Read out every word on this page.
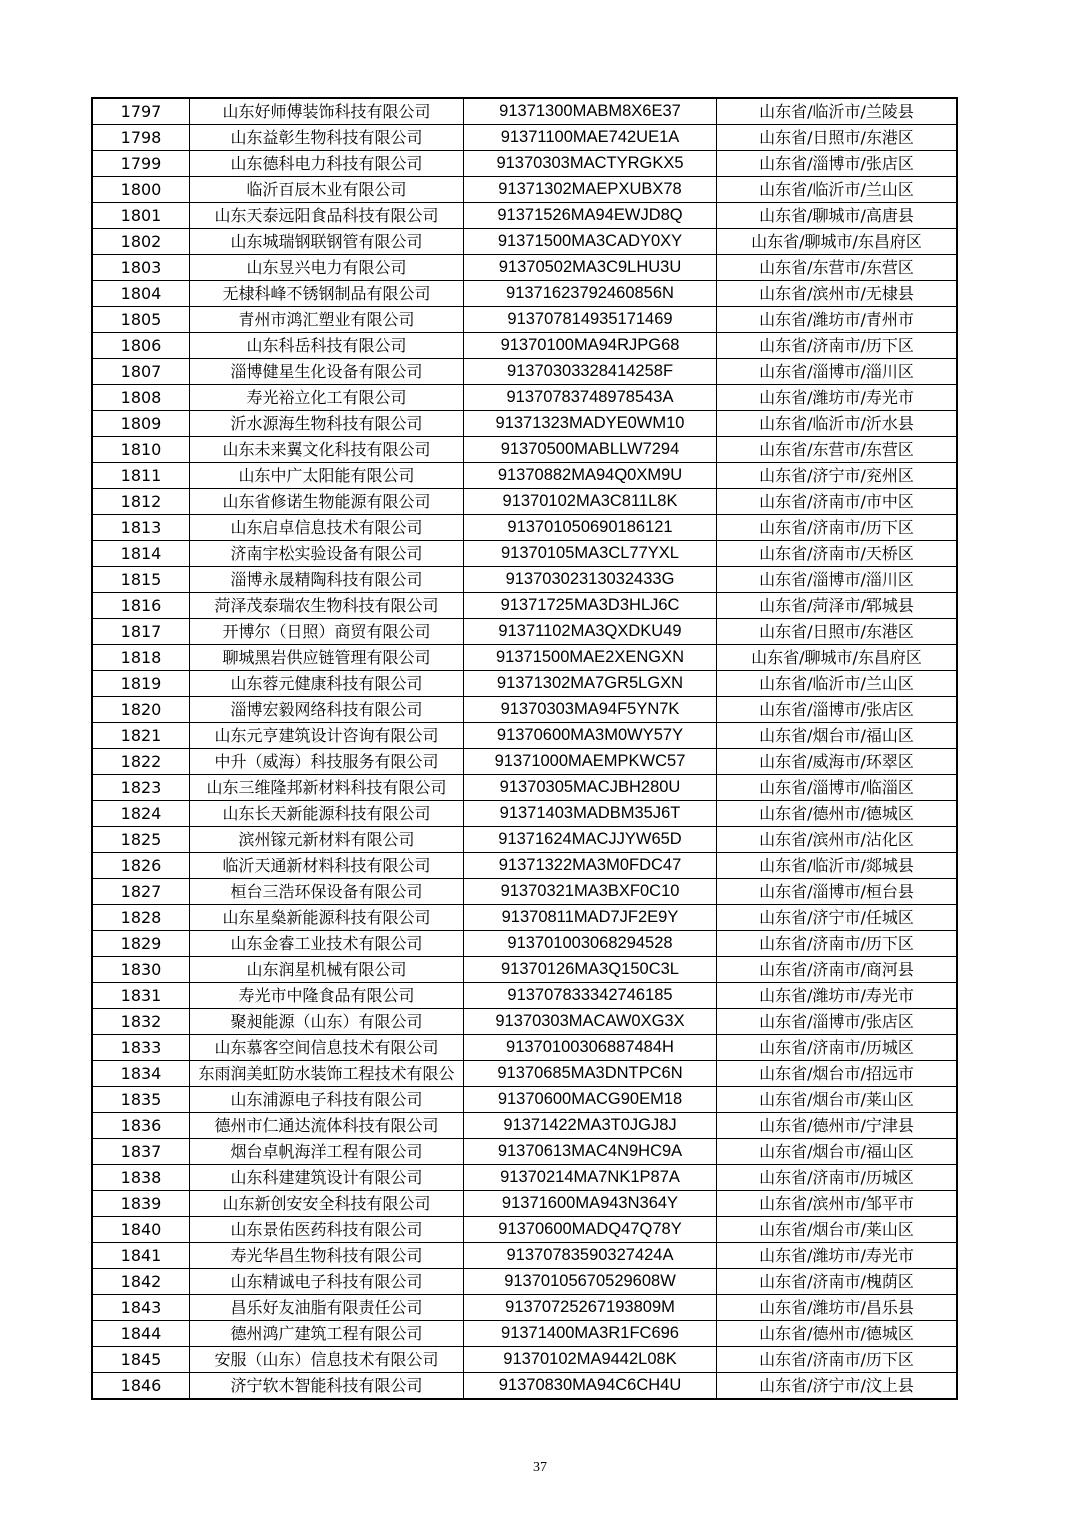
1797	山东好师傅装饰科技有限公司	91371300MABM8X6E37	山东省/临沂市/兰陵县
1798	山东益彰生物科技有限公司	91371100MAE742UE1A	山东省/日照市/东港区
1799	山东德科电力科技有限公司	91370303MACTYRGKX5	山东省/淄博市/张店区
1800	临沂百辰木业有限公司	91371302MAEPXUBX78	山东省/临沂市/兰山区
1801	山东天泰远阳食品科技有限公司	91371526MA94EWJD8Q	山东省/聊城市/高唐县
1802	山东城瑞钢联钢管有限公司	91371500MA3CADY0XY	山东省/聊城市/东昌府区
1803	山东昱兴电力有限公司	91370502MA3C9LHU3U	山东省/东营市/东营区
1804	无棣科峰不锈钢制品有限公司	91371623792460856N	山东省/滨州市/无棣县
1805	青州市鸿汇塑业有限公司	91370781493517146​9	山东省/潍坊市/青州市
1806	山东科岳科技有限公司	91370100MA94RJPG68	山东省/济南市/历下区
1807	淄博健星生化设备有限公司	91370303328414258F	山东省/淄博市/淄川区
1808	寿光裕立化工有限公司	91370783748978543A	山东省/潍坊市/寿光市
1809	沂水源海生物科技有限公司	91371323MADYE0WM10	山东省/临沂市/沂水县
1810	山东未来翼文化科技有限公司	91370500MABLLW7294	山东省/东营市/东营区
1811	山东中广太阳能有限公司	91370882MA94Q0XM9U	山东省/济宁市/兖州区
1812	山东省修诺生物能源有限公司	91370102MA3C811L8K	山东省/济南市/市中区
1813	山东启卓信息技术有限公司	913701050690186121	山东省/济南市/历下区
1814	济南宇松实验设备有限公司	91370105MA3CL77YXL	山东省/济南市/天桥区
1815	淄博永晟精陶科技有限公司	91370302313032433G	山东省/淄博市/淄川区
1816	菏泽茂泰瑞农生物科技有限公司	91371725MA3D3HLJ6C	山东省/菏泽市/郓城县
1817	开博尔（日照）商贸有限公司	91371102MA3QXDKU49	山东省/日照市/东港区
1818	聊城黑岩供应链管理有限公司	91371500MAE2XENGXN	山东省/聊城市/东昌府区
1819	山东蓉元健康科技有限公司	91371302MA7GR5LGXN	山东省/临沂市/兰山区
1820	淄博宏毅网络科技有限公司	91370303MA94F5YN7K	山东省/淄博市/张店区
1821	山东元亨建筑设计咨询有限公司	91370600MA3M0WY57Y	山东省/烟台市/福山区
1822	中升（威海）科技服务有限公司	91371000MAEMPKWC57	山东省/威海市/环翠区
1823	山东三维隆邦新材料科技有限公司	91370305MACJBH280U	山东省/淄博市/临淄区
1824	山东长天新能源科技有限公司	91371403MADBM35J6T	山东省/德州市/德城区
1825	滨州镓元新材料有限公司	91371624MACJJYW65D	山东省/滨州市/沾化区
1826	临沂天通新材料科技有限公司	91371322MA3M0FDC47	山东省/临沂市/郯城县
1827	桓台三浩环保设备有限公司	91370321MA3BXF0C10	山东省/淄博市/桓台县
1828	山东星燊新能源科技有限公司	91370811MAD7JF2E9Y	山东省/济宁市/任城区
1829	山东金睿工业技术有限公司	913701003068294528	山东省/济南市/历下区
1830	山东润星机械有限公司	91370126MA3Q150C3L	山东省/济南市/商河县
1831	寿光市中隆食品有限公司	913707833342746185	山东省/潍坊市/寿光市
1832	聚昶能源（山东）有限公司	91370303MACAW0XG3X	山东省/淄博市/张店区
1833	山东慕客空间信息技术有限公司	91370100306887484H	山东省/济南市/历城区
1834	东雨润美虹防水装饰工程技术有限公	91370685MA3DNTPC6N	山东省/烟台市/招远市
1835	山东浦源电子科技有限公司	91370600MACG90EM18	山东省/烟台市/莱山区
1836	德州市仁通达流体科技有限公司	91371422MA3T0JGJ8J	山东省/德州市/宁津县
1837	烟台卓帆海洋工程有限公司	91370613MAC4N9HC9A	山东省/烟台市/福山区
1838	山东科建建筑设计有限公司	91370214MA7NK1P87A	山东省/济南市/历城区
1839	山东新创安安全科技有限公司	91371600MA943N364Y	山东省/滨州市/邹平市
1840	山东景佑医药科技有限公司	91370600MADQ47Q78Y	山东省/烟台市/莱山区
1841	寿光华昌生物科技有限公司	91370783590327424A	山东省/潍坊市/寿光市
1842	山东精诚电子科技有限公司	91370105670529608W	山东省/济南市/槐荫区
1843	昌乐好友油脂有限责任公司	91370725267193809M	山东省/潍坊市/昌乐县
1844	德州鸿广建筑工程有限公司	91371400MA3R1FC696	山东省/德州市/德城区
1845	安服（山东）信息技术有限公司	91370102MA9442L08K	山东省/济南市/历下区
1846	济宁软木智能科技有限公司	91370830MA94C6CH4U	山东省/济宁市/汶上县
37
